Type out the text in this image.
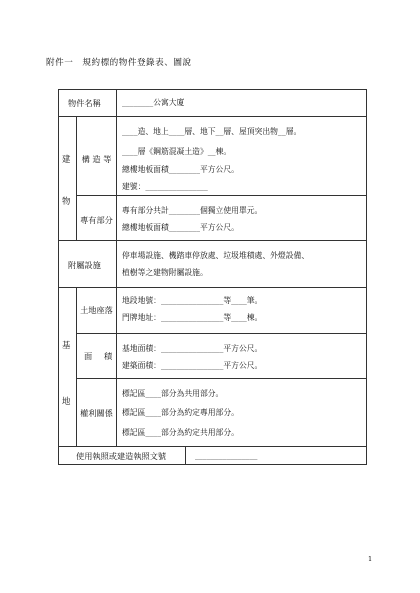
附件一　規約標的物件登錄表、圖說
物件名稱	________公寓大廈
建
物
構 造 等
____造、地上____層、地下__層、屋頂突出物__層。
____層《鋼筋混凝土造》__棟。
總樓地板面積________平方公尺。
建號：________________
專有部分
專有部分共計________個獨立使用單元。
總樓地板面積________平方公尺。
附屬設施
停車場設施、機踏車停放處、垃圾堆積處、外燈設備、
植樹等之建物附屬設施。
基
地
土地座落
地段地號：________________等____筆。
門牌地址：________________等____棟。
面 積
基地面積：________________平方公尺。
建築面積：________________平方公尺。
權利關係
標記區____部分為共用部分。
標記區____部分為約定專用部分。
標記區____部分為約定共用部分。
使用執照或建造執照文號	________________
1
